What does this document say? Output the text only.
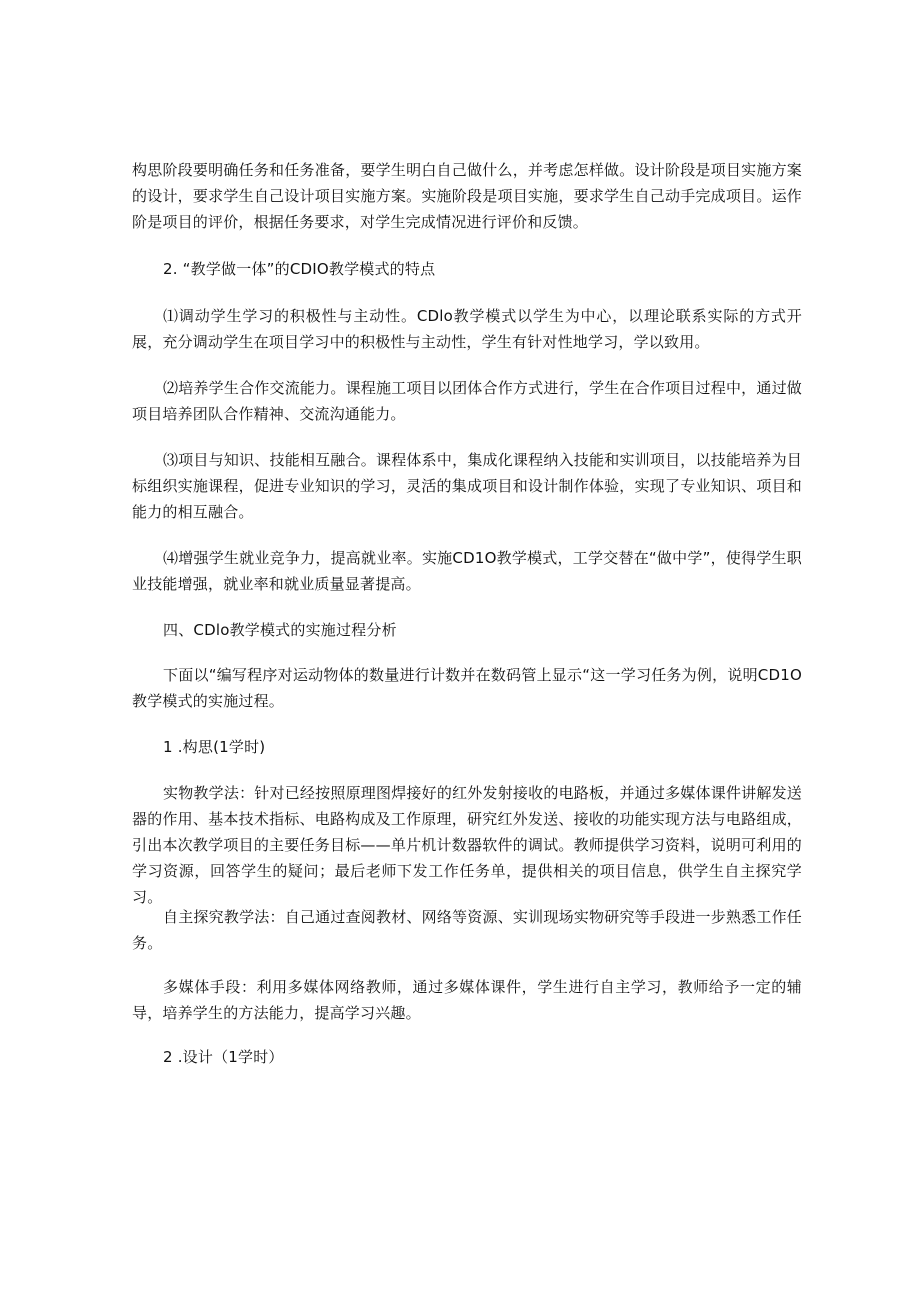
构思阶段要明确任务和任务准备，要学生明白自己做什么，并考虑怎样做。设计阶段是项目实施方案的设计，要求学生自己设计项目实施方案。实施阶段是项目实施，要求学生自己动手完成项目。运作阶是项目的评价，根据任务要求，对学生完成情况进行评价和反馈。

2. “教学做一体”的CDIO教学模式的特点

⑴调动学生学习的积极性与主动性。CDlo教学模式以学生为中心，以理论联系实际的方式开展，充分调动学生在项目学习中的积极性与主动性，学生有针对性地学习，学以致用。

⑵培养学生合作交流能力。课程施工项目以团体合作方式进行，学生在合作项目过程中，通过做项目培养团队合作精神、交流沟通能力。

⑶项目与知识、技能相互融合。课程体系中，集成化课程纳入技能和实训项目，以技能培养为目标组织实施课程，促进专业知识的学习，灵活的集成项目和设计制作体验，实现了专业知识、项目和能力的相互融合。

⑷增强学生就业竞争力，提高就业率。实施CD1O教学模式，工学交替在“做中学”，使得学生职业技能增强，就业率和就业质量显著提高。

四、CDlo教学模式的实施过程分析

下面以“编写程序对运动物体的数量进行计数并在数码管上显示“这一学习任务为例，说明CD1O教学模式的实施过程。

1 .构思(1学时)

实物教学法：针对已经按照原理图焊接好的红外发射接收的电路板，并通过多媒体课件讲解发送器的作用、基本技术指标、电路构成及工作原理，研究红外发送、接收的功能实现方法与电路组成，引出本次教学项目的主要任务目标——单片机计数器软件的调试。教师提供学习资料，说明可利用的学习资源，回答学生的疑问；最后老师下发工作任务单，提供相关的项目信息，供学生自主探究学习。

自主探究教学法：自己通过查阅教材、网络等资源、实训现场实物研究等手段进一步熟悉工作任务。

多媒体手段：利用多媒体网络教师，通过多媒体课件，学生进行自主学习，教师给予一定的辅导，培养学生的方法能力，提高学习兴趣。

2 .设计（1学时）
